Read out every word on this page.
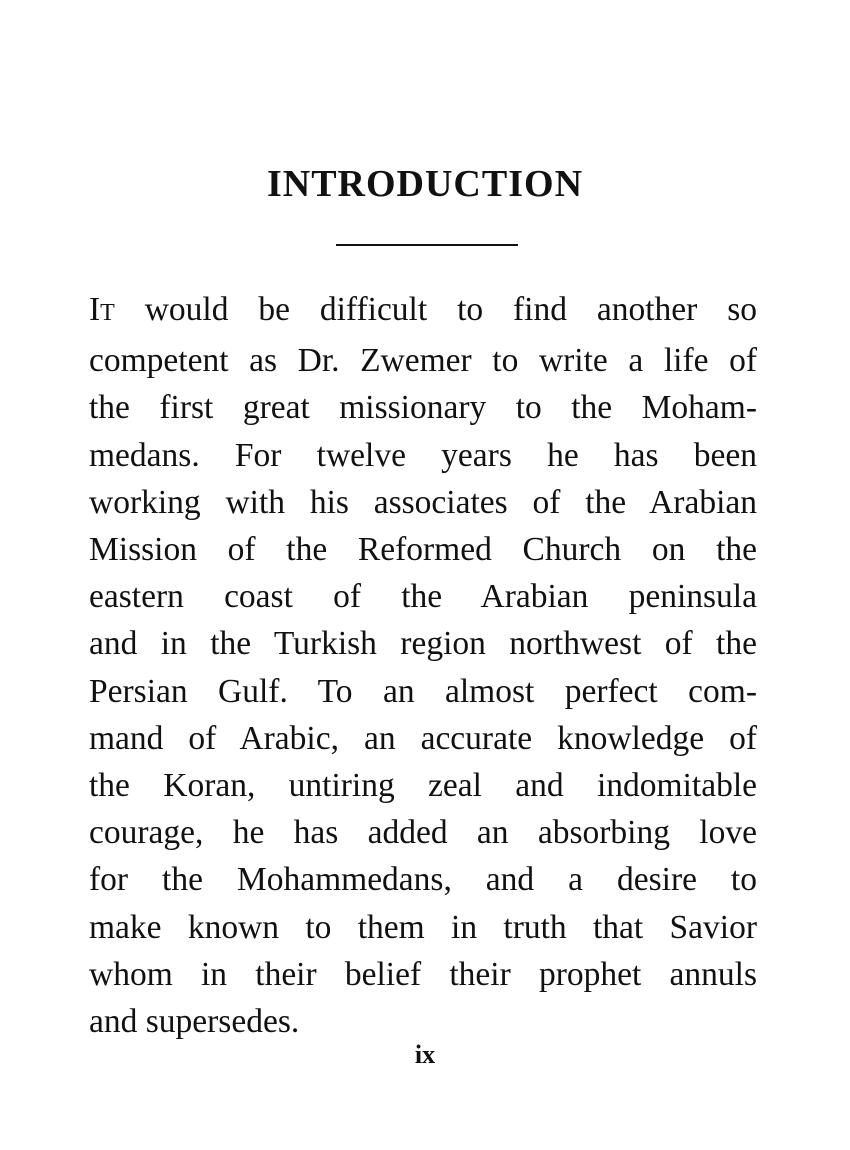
INTRODUCTION
IT would be difficult to find another so
competent as Dr. Zwemer to write a life of
the first great missionary to the Moham-
medans. For twelve years he has been
working with his associates of the Arabian
Mission of the Reformed Church on the
eastern coast of the Arabian peninsula
and in the Turkish region northwest of the
Persian Gulf. To an almost perfect com-
mand of Arabic, an accurate knowledge of
the Koran, untiring zeal and indomitable
courage, he has added an absorbing love
for the Mohammedans, and a desire to
make known to them in truth that Savior
whom in their belief their prophet annuls
and supersedes.
ix
